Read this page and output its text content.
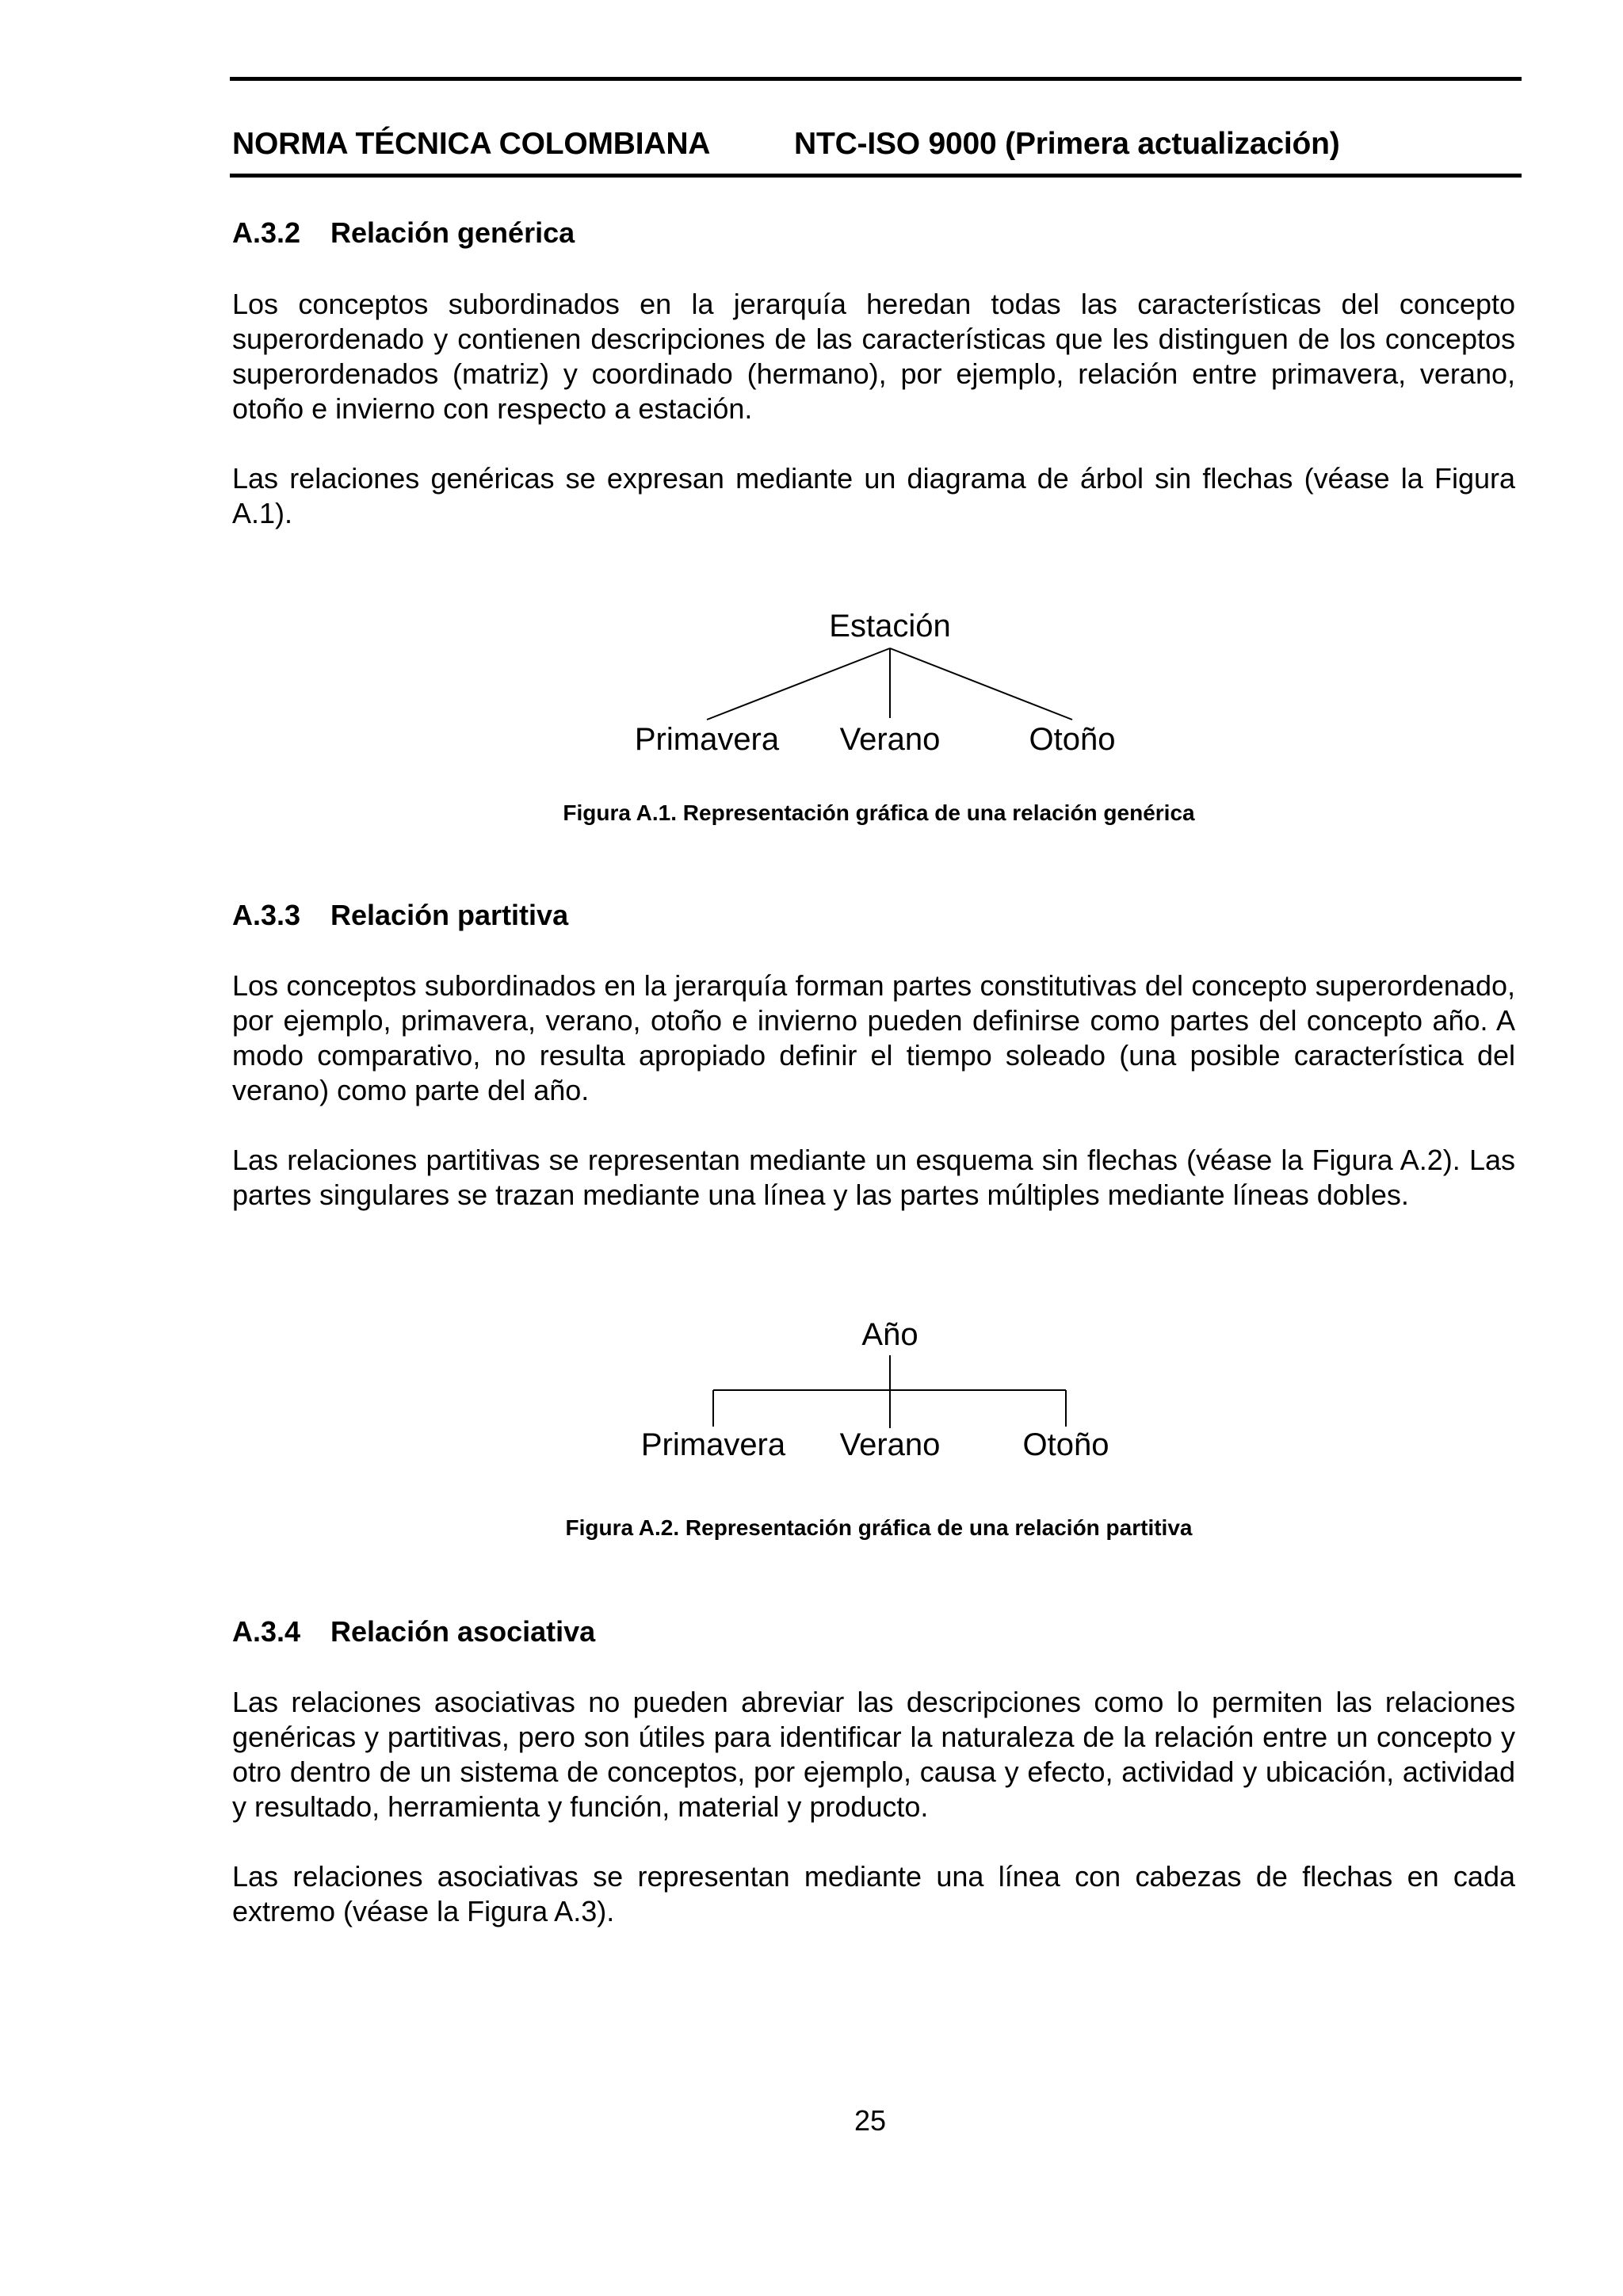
NORMA TÉCNICA COLOMBIANA	NTC-ISO 9000 (Primera actualización)
A.3.2 Relación genérica
Los conceptos subordinados en la jerarquía heredan todas las características del concepto superordenado y contienen descripciones de las características que les distinguen de los conceptos superordenados (matriz) y coordinado (hermano), por ejemplo, relación entre primavera, verano, otoño e invierno con respecto a estación.
Las relaciones genéricas se expresan mediante un diagrama de árbol sin flechas (véase la Figura A.1).
Estación
Primavera Verano	Otoño
Figura A.1. Representación gráfica de una relación genérica
A.3.3 Relación partitiva
Los conceptos subordinados en la jerarquía forman partes constitutivas del concepto superordenado, por ejemplo, primavera, verano, otoño e invierno pueden definirse como partes del concepto año. A modo comparativo, no resulta apropiado definir el tiempo soleado (una posible característica del verano) como parte del año.
Las relaciones partitivas se representan mediante un esquema sin flechas (véase la Figura A.2). Las partes singulares se trazan mediante una línea y las partes múltiples mediante líneas dobles.
Año
Primavera Verano	Otoño
Figura A.2. Representación gráfica de una relación partitiva
A.3.4 Relación asociativa
Las relaciones asociativas no pueden abreviar las descripciones como lo permiten las relaciones genéricas y partitivas, pero son útiles para identificar la naturaleza de la relación entre un concepto y otro dentro de un sistema de conceptos, por ejemplo, causa y efecto, actividad y ubicación, actividad y resultado, herramienta y función, material y producto.
Las relaciones asociativas se representan mediante una línea con cabezas de flechas en cada extremo (véase la Figura A.3).
25
